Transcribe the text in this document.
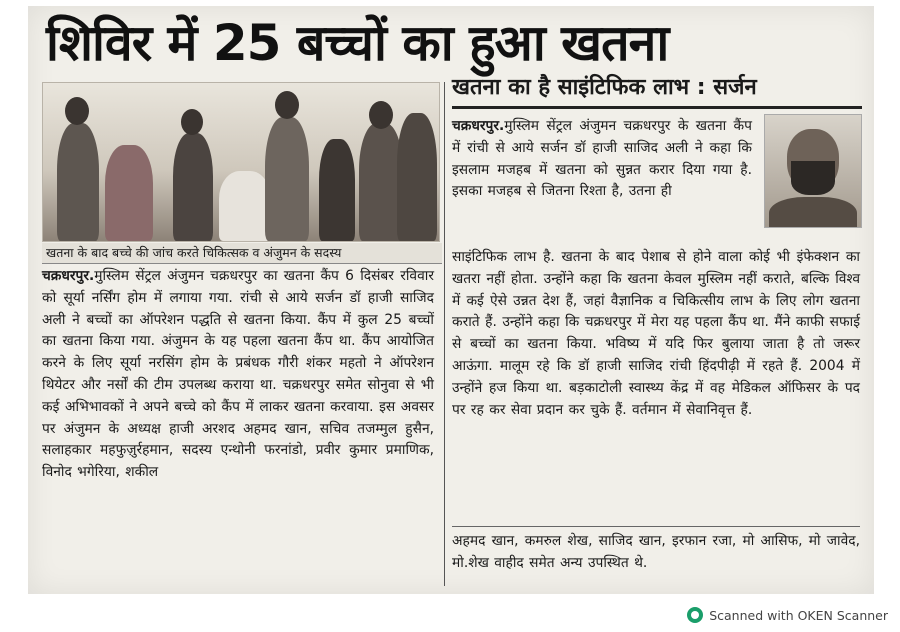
शिविर में 25 बच्चों का हुआ खतना
खतना के बाद बच्चे की जांच करते चिकित्सक व अंजुमन के सदस्य
चक्रधरपुर.मुस्लिम सेंट्रल अंजुमन चक्रधरपुर का खतना कैंप 6 दिसंबर रविवार को सूर्या नर्सिंग होम में लगाया गया. रांची से आये सर्जन डॉ हाजी साजिद अली ने बच्चों का ऑपरेशन पद्धति से खतना किया. कैंप में कुल 25 बच्चों का खतना किया गया. अंजुमन के यह पहला खतना कैंप था. कैंप आयोजित करने के लिए सूर्या नरसिंग होम के प्रबंधक गौरी शंकर महतो ने ऑपरेशन थियेटर और नर्सों की टीम उपलब्ध कराया था. चक्रधरपुर समेत सोनुवा से भी कई अभिभावकों ने अपने बच्चे को कैंप में लाकर खतना करवाया. इस अवसर पर अंजुमन के अध्यक्ष हाजी अरशद अहमद खान, सचिव तजम्मुल हुसैन, सलाहकार महफुज़ुर्रहमान, सदस्य एन्थोनी फरनांडो, प्रवीर कुमार प्रमाणिक, विनोद भगेरिया, शकील
खतना का है साइंटिफिक लाभ : सर्जन
चक्रधरपुर.मुस्लिम सेंट्रल अंजुमन चक्रधरपुर के खतना कैंप में रांची से आये सर्जन डॉ हाजी साजिद अली ने कहा कि इसलाम मजहब में खतना को सुन्नत करार दिया गया है. इसका मजहब से जितना रिश्ता है, उतना ही
साइंटिफिक लाभ है. खतना के बाद पेशाब से होने वाला कोई भी इंफेक्शन का खतरा नहीं होता. उन्होंने कहा कि खतना केवल मुस्लिम नहीं कराते, बल्कि विश्व में कई ऐसे उन्नत देश हैं, जहां वैज्ञानिक व चिकित्सीय लाभ के लिए लोग खतना कराते हैं. उन्होंने कहा कि चक्रधरपुर में मेरा यह पहला कैंप था. मैंने काफी सफाई से बच्चों का खतना किया. भविष्य में यदि फिर बुलाया जाता है तो जरूर आऊंगा. मालूम रहे कि डॉ हाजी साजिद रांची हिंदपीढ़ी में रहते हैं. 2004 में उन्होंने हज किया था. बड़काटोली स्वास्थ्य केंद्र में वह मेडिकल ऑफिसर के पद पर रह कर सेवा प्रदान कर चुके हैं. वर्तमान में सेवानिवृत्त हैं.
अहमद खान, कमरुल शेख, साजिद खान, इरफान रजा, मो आसिफ, मो जावेद, मो.शेख वाहीद समेत अन्य उपस्थित थे.
Scanned with OKEN Scanner
